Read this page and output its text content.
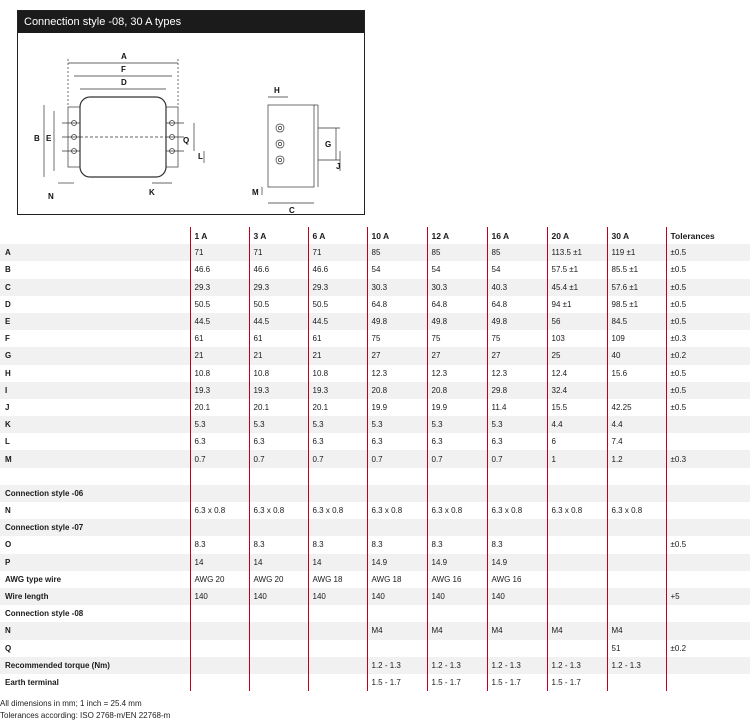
Connection style -08, 30 A types
A
F
D
B E	Q
L
N	K
H
G
J
M
C
	1 A	3 A	6 A	10 A	12 A	16 A	20 A	30 A	Tolerances
A	71	71	71	85	85	85	113.5 ±1	119 ±1	±0.5
B	46.6	46.6	46.6	54	54	54	57.5 ±1	85.5 ±1	±0.5
C	29.3	29.3	29.3	30.3	30.3	40.3	45.4 ±1	57.6 ±1	±0.5
D	50.5	50.5	50.5	64.8	64.8	64.8	94 ±1	98.5 ±1	±0.5
E	44.5	44.5	44.5	49.8	49.8	49.8	56	84.5	±0.5
F	61	61	61	75	75	75	103	109	±0.3
G	21	21	21	27	27	27	25	40	±0.2
H	10.8	10.8	10.8	12.3	12.3	12.3	12.4	15.6	±0.5
I	19.3	19.3	19.3	20.8	20.8	29.8	32.4		±0.5
J	20.1	20.1	20.1	19.9	19.9	11.4	15.5	42.25	±0.5
K	5.3	5.3	5.3	5.3	5.3	5.3	4.4	4.4	
L	6.3	6.3	6.3	6.3	6.3	6.3	6	7.4	
M	0.7	0.7	0.7	0.7	0.7	0.7	1	1.2	±0.3

Connection style -06									
N	6.3 x 0.8	6.3 x 0.8	6.3 x 0.8	6.3 x 0.8	6.3 x 0.8	6.3 x 0.8	6.3 x 0.8	6.3 x 0.8	
Connection style -07									
O	8.3	8.3	8.3	8.3	8.3	8.3			±0.5
P	14	14	14	14.9	14.9	14.9			
AWG type wire	AWG 20	AWG 20	AWG 18	AWG 18	AWG 16	AWG 16			
Wire length	140	140	140	140	140	140			+5
Connection style -08									
N				M4	M4	M4	M4	M4	
Q								51	±0.2
Recommended torque (Nm)				1.2 - 1.3	1.2 - 1.3	1.2 - 1.3	1.2 - 1.3	1.2 - 1.3	
Earth terminal				1.5 - 1.7	1.5 - 1.7	1.5 - 1.7	1.5 - 1.7		
All dimensions in mm; 1 inch = 25.4 mm
Tolerances according: ISO 2768-m/EN 22768-m
